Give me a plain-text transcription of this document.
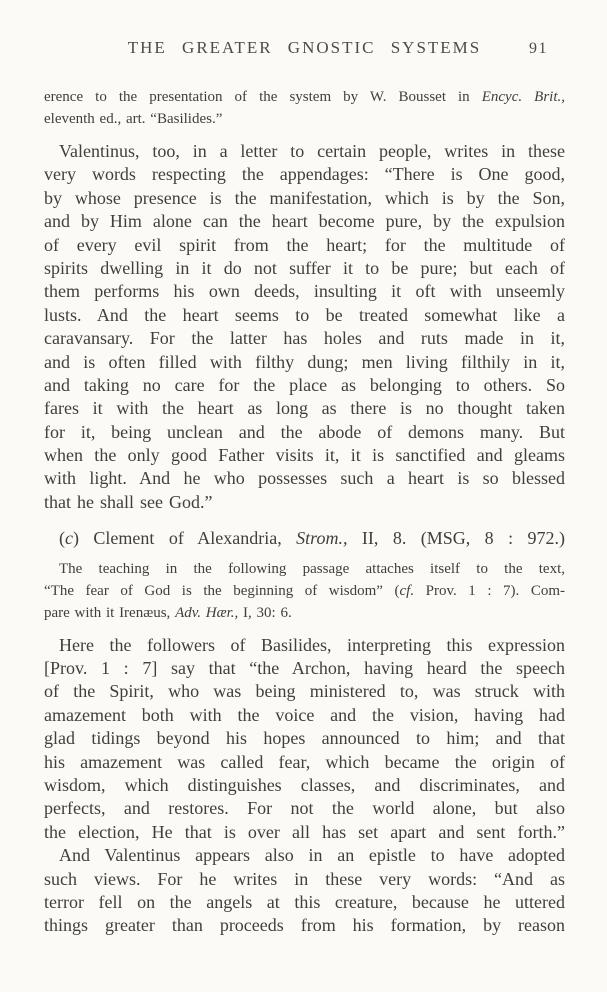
THE GREATER GNOSTIC SYSTEMS	91
erence to the presentation of the system by W. Bousset in Encyc. Brit.,
eleventh ed., art. “Basilides.”
Valentinus, too, in a letter to certain people, writes in these
very words respecting the appendages: “There is One good,
by whose presence is the manifestation, which is by the Son,
and by Him alone can the heart become pure, by the expulsion
of every evil spirit from the heart; for the multitude of
spirits dwelling in it do not suffer it to be pure; but each of
them performs his own deeds, insulting it oft with unseemly
lusts. And the heart seems to be treated somewhat like a
caravansary. For the latter has holes and ruts made in it,
and is often filled with filthy dung; men living filthily in it,
and taking no care for the place as belonging to others. So
fares it with the heart as long as there is no thought taken
for it, being unclean and the abode of demons many. But
when the only good Father visits it, it is sanctified and gleams
with light. And he who possesses such a heart is so blessed
that he shall see God.”
(c) Clement of Alexandria, Strom., II, 8. (MSG, 8 : 972.)
The teaching in the following passage attaches itself to the text,
“The fear of God is the beginning of wisdom” (cf. Prov. 1 : 7). Com-
pare with it Irenæus, Adv. Hær., I, 30: 6.
Here the followers of Basilides, interpreting this expression
[Prov. 1 : 7] say that “the Archon, having heard the speech
of the Spirit, who was being ministered to, was struck with
amazement both with the voice and the vision, having had
glad tidings beyond his hopes announced to him; and that
his amazement was called fear, which became the origin of
wisdom, which distinguishes classes, and discriminates, and
perfects, and restores. For not the world alone, but also
the election, He that is over all has set apart and sent forth.”
And Valentinus appears also in an epistle to have adopted
such views. For he writes in these very words: “And as
terror fell on the angels at this creature, because he uttered
things greater than proceeds from his formation, by reason
